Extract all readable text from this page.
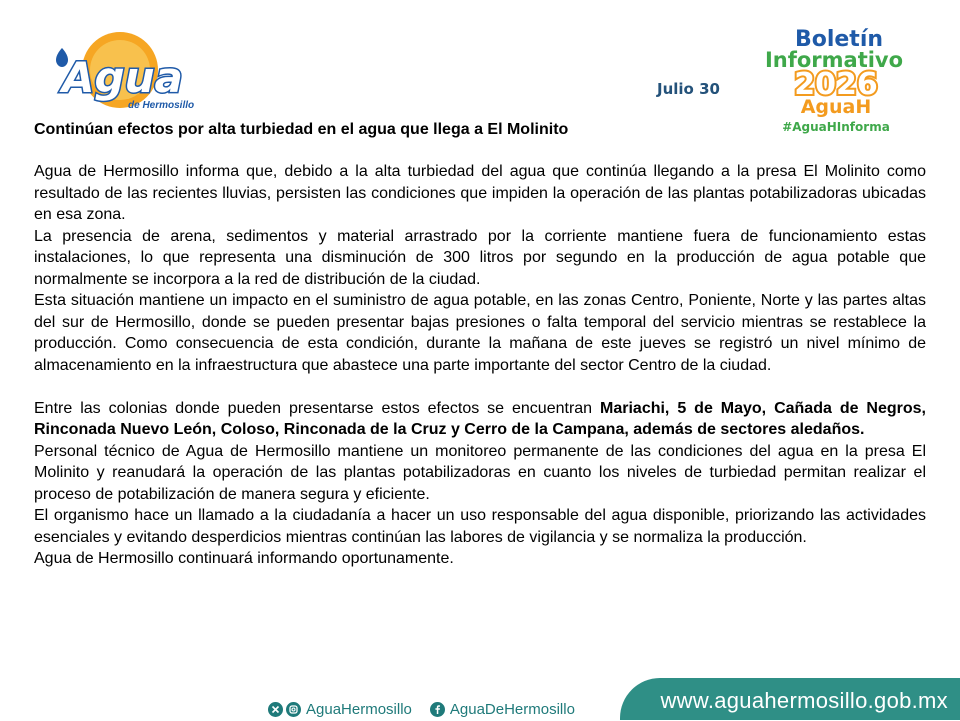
Agua
de Hermosillo
Julio 30
Boletín
Informativo
2026
AguaH
#AguaHInforma
Continúan efectos por alta turbiedad en el agua que llega a El Molinito

Agua de Hermosillo informa que, debido a la alta turbiedad del agua que continúa llegando a la presa El Molinito como resultado de las recientes lluvias, persisten las condiciones que impiden la operación de las plantas potabilizadoras ubicadas en esa zona.

La presencia de arena, sedimentos y material arrastrado por la corriente mantiene fuera de funcionamiento estas instalaciones, lo que representa una disminución de 300 litros por segundo en la producción de agua potable que normalmente se incorpora a la red de distribución de la ciudad.

Esta situación mantiene un impacto en el suministro de agua potable, en las zonas Centro, Poniente, Norte y las partes altas del sur de Hermosillo, donde se pueden presentar bajas presiones o falta temporal del servicio mientras se restablece la producción. Como consecuencia de esta condición, durante la mañana de este jueves se registró un nivel mínimo de almacenamiento en la infraestructura que abastece una parte importante del sector Centro de la ciudad.

Entre las colonias donde pueden presentarse estos efectos se encuentran Mariachi, 5 de Mayo, Cañada de Negros, Rinconada Nuevo León, Coloso, Rinconada de la Cruz y Cerro de la Campana, además de sectores aledaños.

Personal técnico de Agua de Hermosillo mantiene un monitoreo permanente de las condiciones del agua en la presa El Molinito y reanudará la operación de las plantas potabilizadoras en cuanto los niveles de turbiedad permitan realizar el proceso de potabilización de manera segura y eficiente.

El organismo hace un llamado a la ciudadanía a hacer un uso responsable del agua disponible, priorizando las actividades esenciales y evitando desperdicios mientras continúan las labores de vigilancia y se normaliza la producción.

Agua de Hermosillo continuará informando oportunamente.

AguaHermosillo	AguaDeHermosillo	www.aguahermosillo.gob.mx
